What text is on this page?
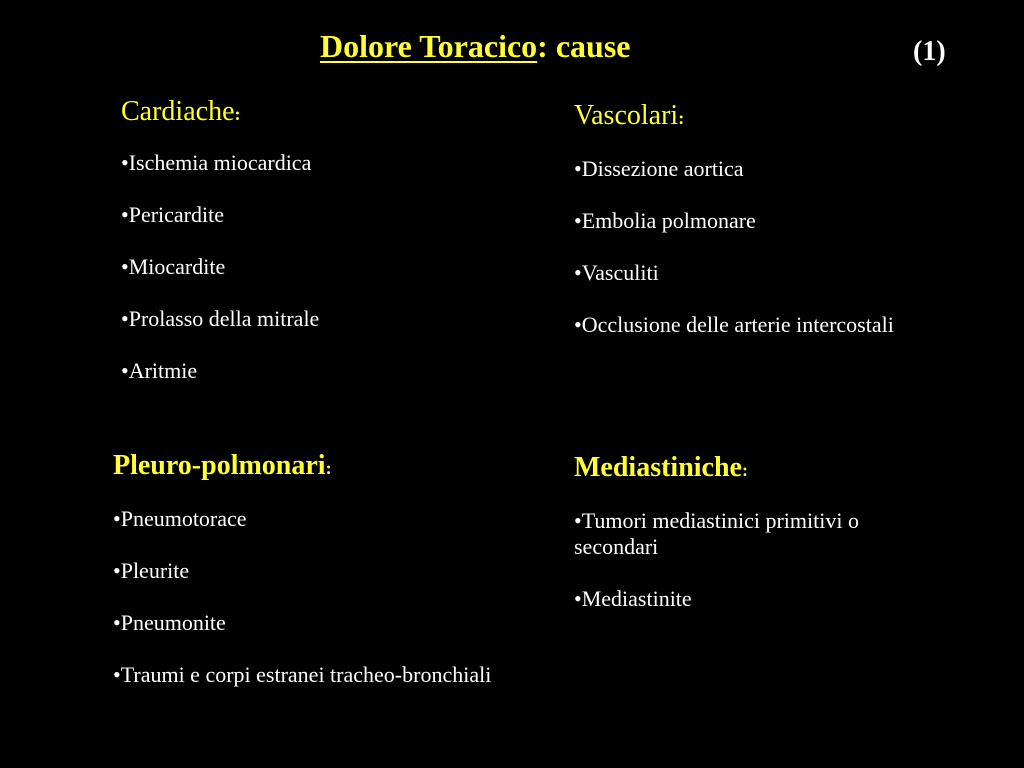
Dolore Toracico: cause	(1)
Cardiache:
•Ischemia miocardica
•Pericardite
•Miocardite
•Prolasso della mitrale
•Aritmie
Vascolari:
•Dissezione aortica
•Embolia polmonare
•Vasculiti
•Occlusione delle arterie intercostali
Pleuro-polmonari:
•Pneumotorace
•Pleurite
•Pneumonite
•Traumi e corpi estranei tracheo-bronchiali
Mediastiniche:
•Tumori mediastinici primitivi o secondari
•Mediastinite
